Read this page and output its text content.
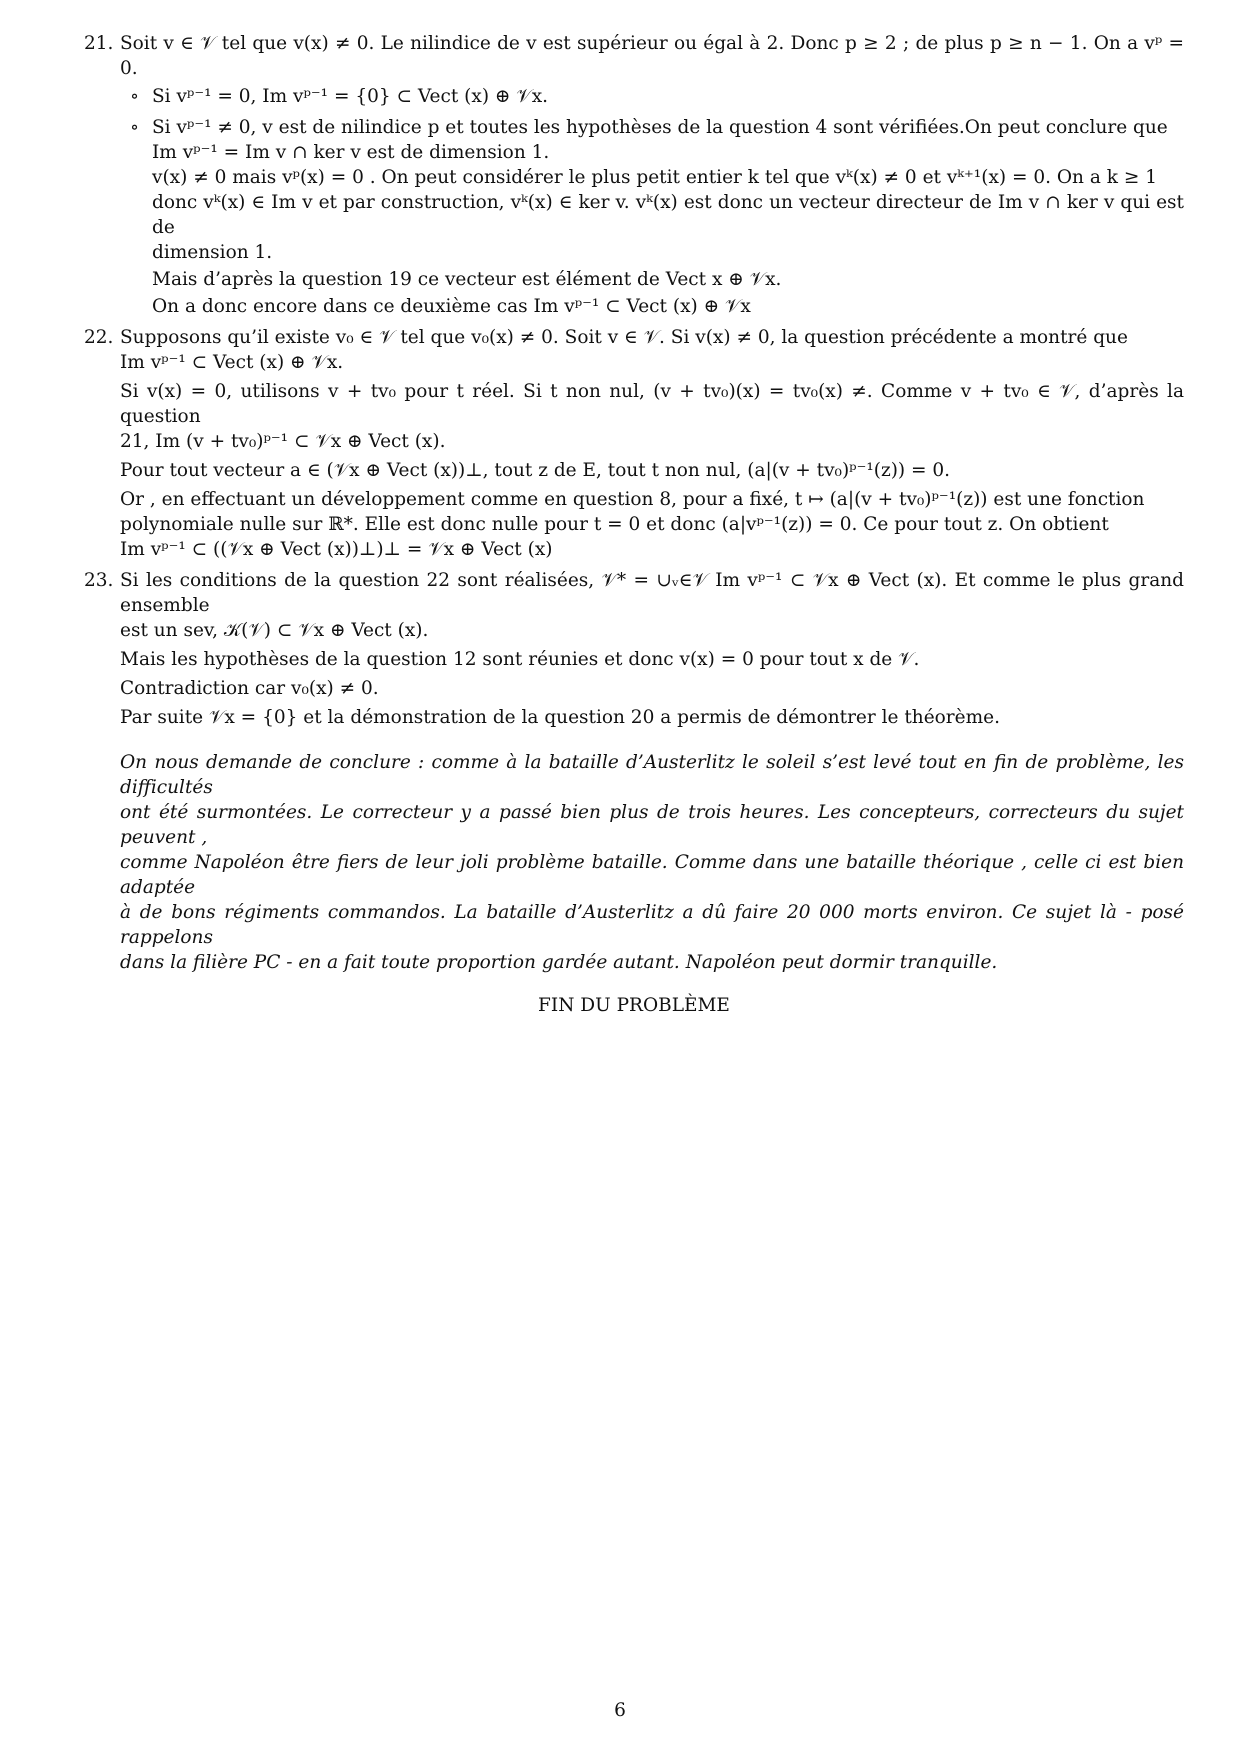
21. Soit v ∈ 𝒱 tel que v(x) ≠ 0. Le nilindice de v est supérieur ou égal à 2. Donc p ≥ 2 ; de plus p ≥ n − 1. On a vᵖ = 0.
∘ Si vᵖ⁻¹ = 0, Im vᵖ⁻¹ = {0} ⊂ Vect (x) ⊕ 𝒱x.
∘ Si vᵖ⁻¹ ≠ 0, v est de nilindice p et toutes les hypothèses de la question 4 sont vérifiées.On peut conclure que
Im vᵖ⁻¹ = Im v ∩ ker v est de dimension 1.
v(x) ≠ 0 mais vᵖ(x) = 0 . On peut considérer le plus petit entier k tel que vᵏ(x) ≠ 0 et vᵏ⁺¹(x) = 0. On a k ≥ 1
donc vᵏ(x) ∈ Im v et par construction, vᵏ(x) ∈ ker v. vᵏ(x) est donc un vecteur directeur de Im v ∩ ker v qui est de
dimension 1.
Mais d’après la question 19 ce vecteur est élément de Vect x ⊕ 𝒱x.
On a donc encore dans ce deuxième cas Im vᵖ⁻¹ ⊂ Vect (x) ⊕ 𝒱x
22. Supposons qu’il existe v₀ ∈ 𝒱 tel que v₀(x) ≠ 0. Soit v ∈ 𝒱. Si v(x) ≠ 0, la question précédente a montré que
Im vᵖ⁻¹ ⊂ Vect (x) ⊕ 𝒱x.
Si v(x) = 0, utilisons v + tv₀ pour t réel. Si t non nul, (v + tv₀)(x) = tv₀(x) ≠. Comme v + tv₀ ∈ 𝒱, d’après la question
21, Im (v + tv₀)ᵖ⁻¹ ⊂ 𝒱x ⊕ Vect (x).
Pour tout vecteur a ∈ (𝒱x ⊕ Vect (x))⊥, tout z de E, tout t non nul, (a|(v + tv₀)ᵖ⁻¹(z)) = 0.
Or , en effectuant un développement comme en question 8, pour a fixé, t ↦ (a|(v + tv₀)ᵖ⁻¹(z)) est une fonction
polynomiale nulle sur ℝ*. Elle est donc nulle pour t = 0 et donc (a|vᵖ⁻¹(z)) = 0. Ce pour tout z. On obtient
Im vᵖ⁻¹ ⊂ ((𝒱x ⊕ Vect (x))⊥)⊥ = 𝒱x ⊕ Vect (x)
23. Si les conditions de la question 22 sont réalisées, 𝒱* = ∪ᵥ∈𝒱 Im vᵖ⁻¹ ⊂ 𝒱x ⊕ Vect (x). Et comme le plus grand ensemble
est un sev, 𝒦(𝒱) ⊂ 𝒱x ⊕ Vect (x).
Mais les hypothèses de la question 12 sont réunies et donc v(x) = 0 pour tout x de 𝒱.
Contradiction car v₀(x) ≠ 0.
Par suite 𝒱x = {0} et la démonstration de la question 20 a permis de démontrer le théorème.
On nous demande de conclure : comme à la bataille d’Austerlitz le soleil s’est levé tout en fin de problème, les difficultés
ont été surmontées. Le correcteur y a passé bien plus de trois heures. Les concepteurs, correcteurs du sujet peuvent ,
comme Napoléon être fiers de leur joli problème bataille. Comme dans une bataille théorique , celle ci est bien adaptée
à de bons régiments commandos. La bataille d’Austerlitz a dû faire 20 000 morts environ. Ce sujet là - posé rappelons
dans la filière PC - en a fait toute proportion gardée autant. Napoléon peut dormir tranquille.
FIN DU PROBLÈME
6
